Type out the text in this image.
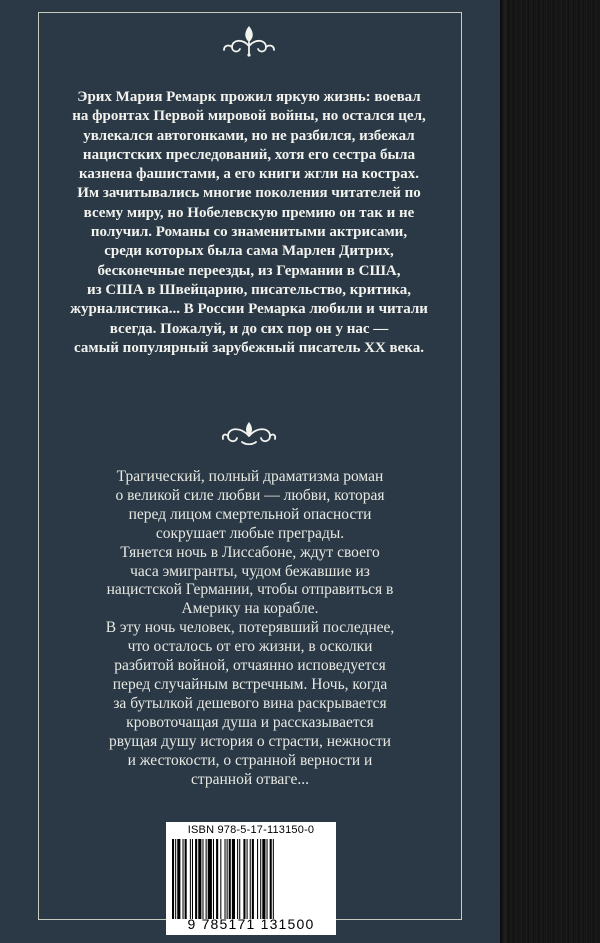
Эрих Мария Ремарк прожил яркую жизнь: воевал
на фронтах Первой мировой войны, но остался цел,
увлекался автогонками, но не разбился, избежал
нацистских преследований, хотя его сестра была
казнена фашистами, а его книги жгли на кострах.
Им зачитывались многие поколения читателей по
всему миру, но Нобелевскую премию он так и не
получил. Романы со знаменитыми актрисами,
среди которых была сама Марлен Дитрих,
бесконечные переезды, из Германии в США,
из США в Швейцарию, писательство, критика,
журналистика... В России Ремарка любили и читали
всегда. Пожалуй, и до сих пор он у нас —
самый популярный зарубежный писатель XX века.

Трагический, полный драматизма роман
о великой силе любви — любви, которая
перед лицом смертельной опасности
сокрушает любые преграды.
Тянется ночь в Лиссабоне, ждут своего
часа эмигранты, чудом бежавшие из
нацистской Германии, чтобы отправиться в
Америку на корабле.
В эту ночь человек, потерявший последнее,
что осталось от его жизни, в осколки
разбитой войной, отчаянно исповедуется
перед случайным встречным. Ночь, когда
за бутылкой дешевого вина раскрывается
кровоточащая душа и рассказывается
рвущая душу история о страсти, нежности
и жестокости, о странной верности и
странной отваге...

ISBN 978-5-17-113150-0
9 785171 131500
